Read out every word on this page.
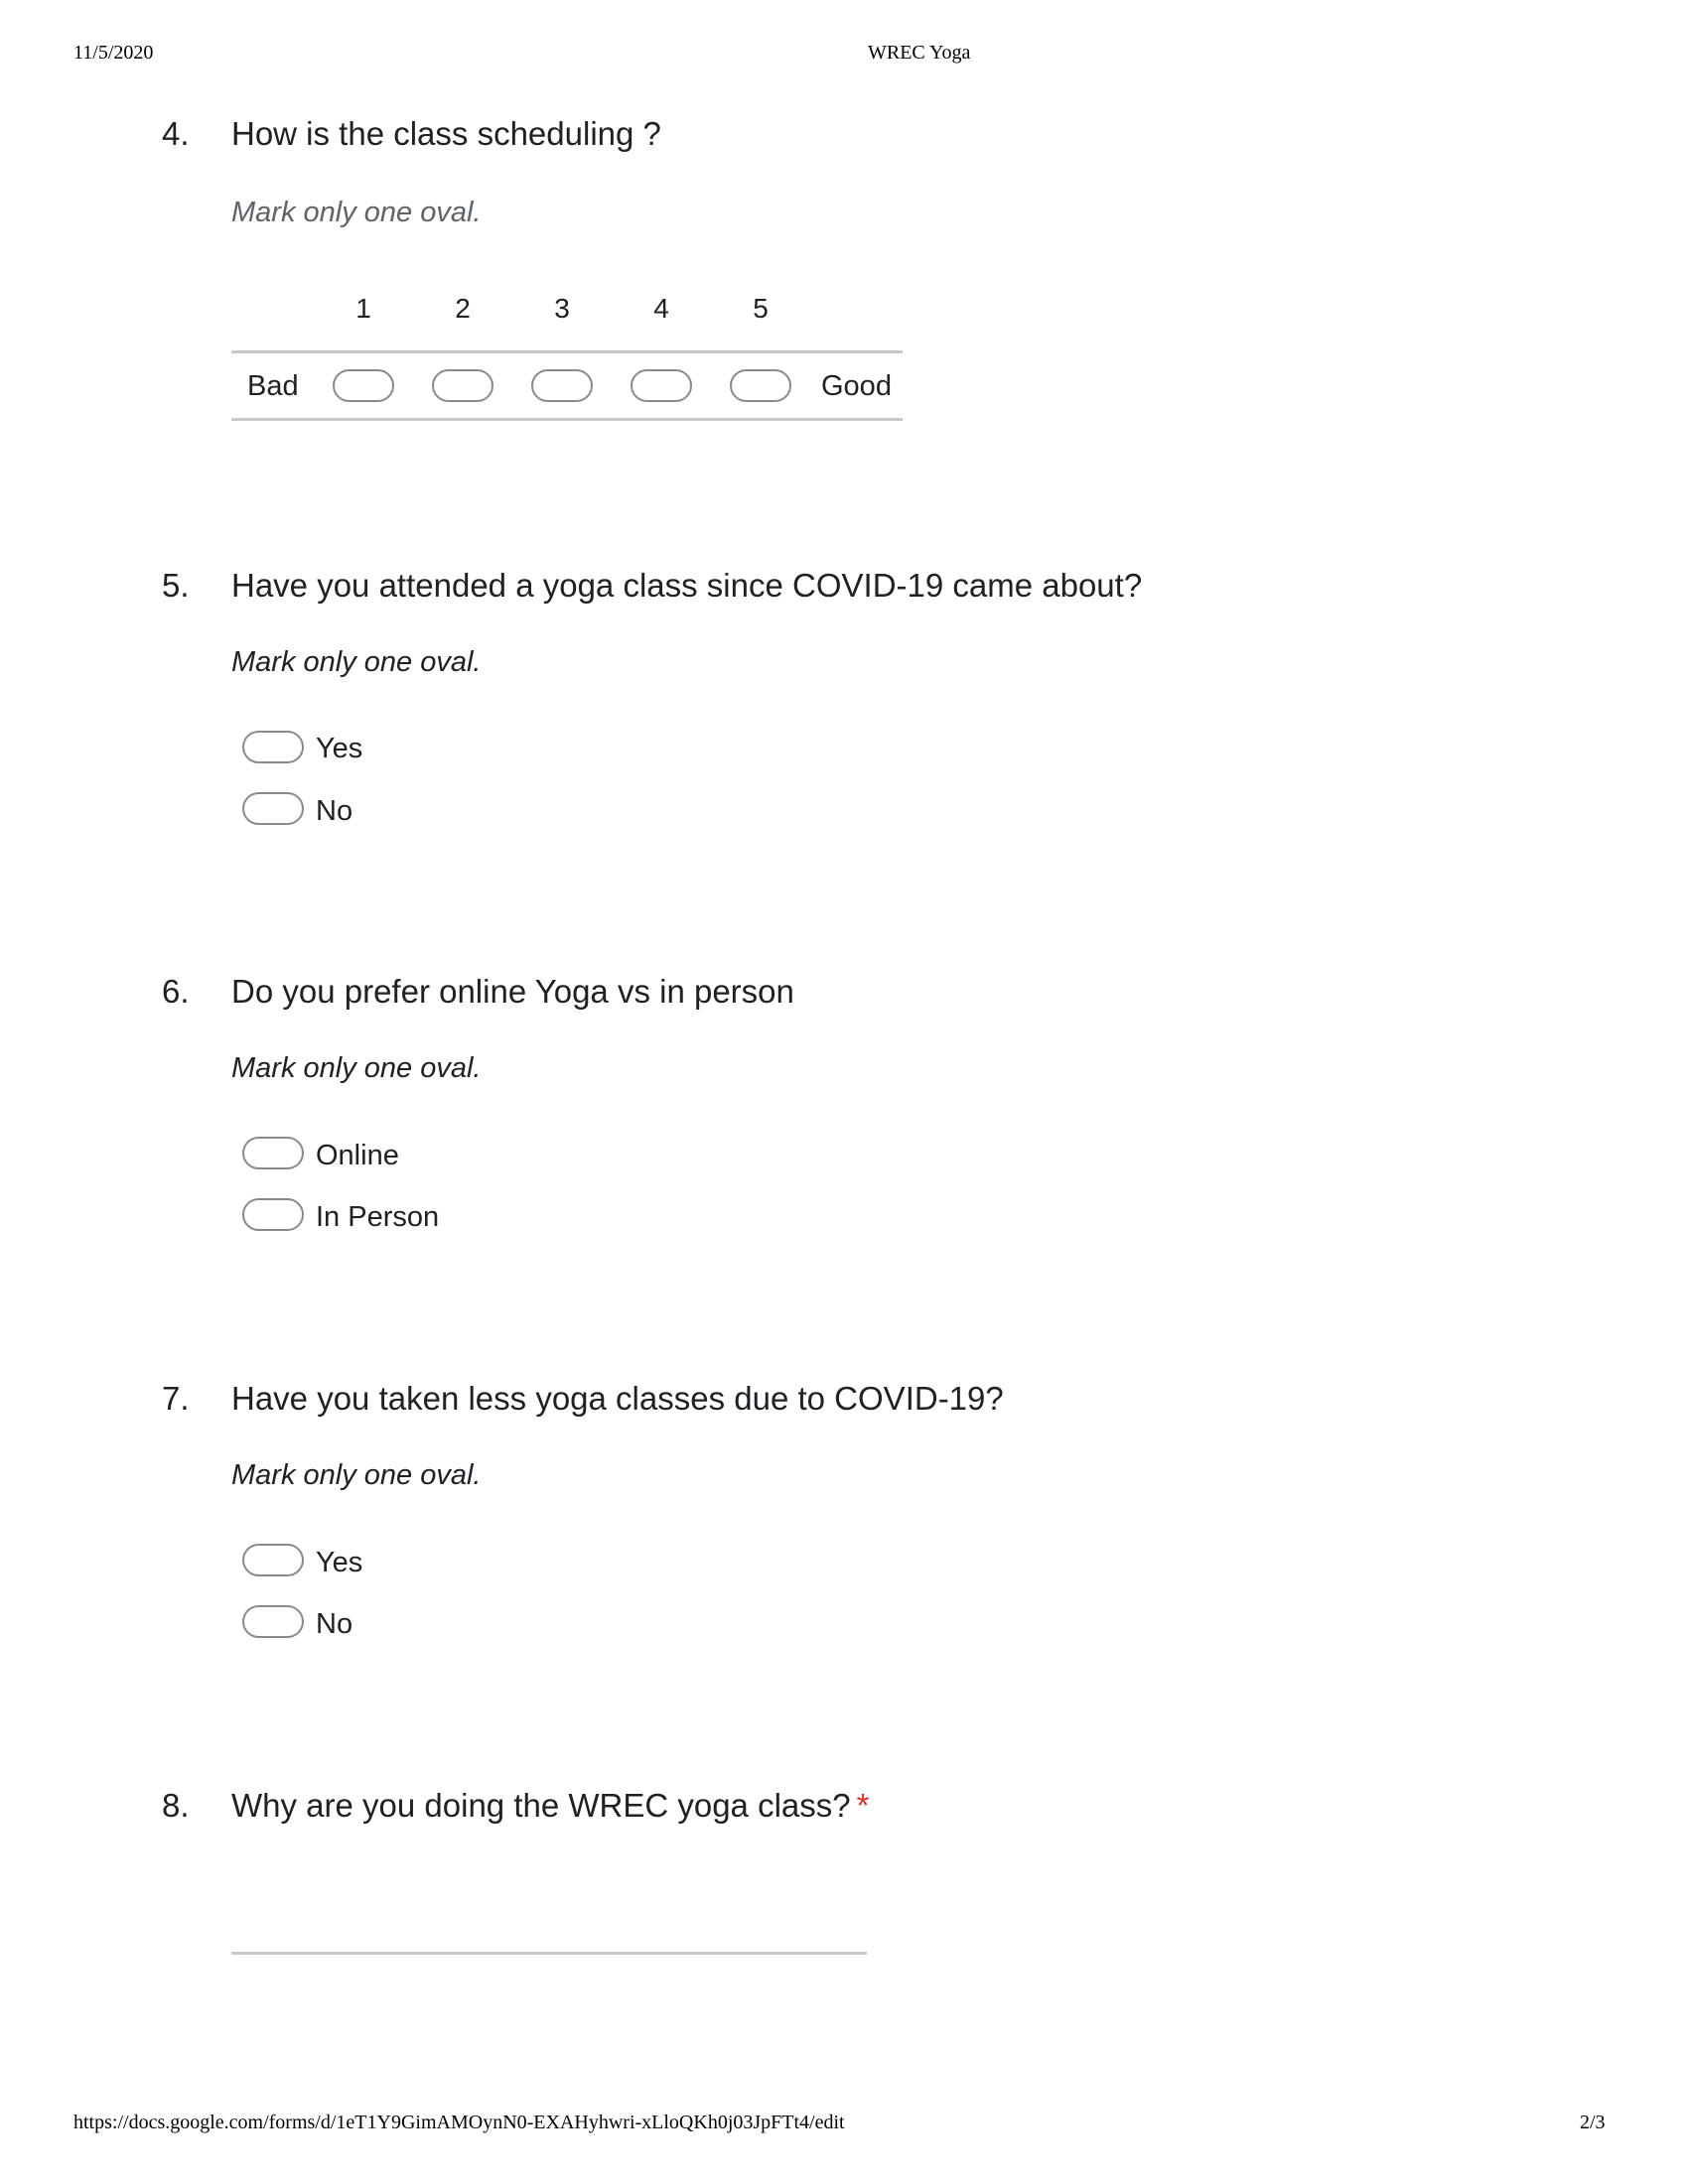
11/5/2020	WREC Yoga
4. How is the class scheduling ?
Mark only one oval.
1	2	3	4	5
Bad	Good
5. Have you attended a yoga class since COVID-19 came about?
Mark only one oval.
Yes
No
6. Do you prefer online Yoga vs in person
Mark only one oval.
Online
In Person
7. Have you taken less yoga classes due to COVID-19?
Mark only one oval.
Yes
No
8. Why are you doing the WREC yoga class? *
https://docs.google.com/forms/d/1eT1Y9GimAMOynN0-EXAHyhwri-xLloQKh0j03JpFTt4/edit	2/3
